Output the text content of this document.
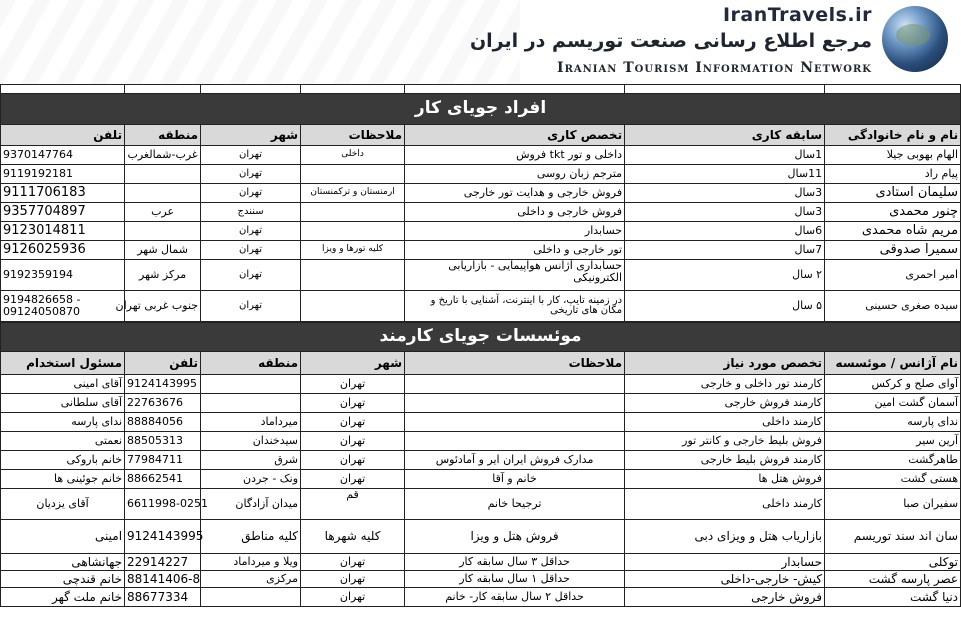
IranTravels.ir
مرجع اطلاع رسانی صنعت توریسم در ایران
Iranian Tourism Information Network

افراد جویای کار						
نام و نام خانوادگی	سابقه کاری	تخصص کاری	ملاحظات	شهر	منطقه	تلفن
الهام بهوبی جیلا	1سال	داخلی و تور tkt فروش	داخلی	تهران	غرب-شمالغرب	9370147764
پیام راد	11سال	مترجم زبان روسی		تهران		9119192181
سلیمان استادی	3سال	فروش خارجی و هدایت تور خارجی	ارمنستان و ترکمنستان	تهران		9111706183
چنور محمدی	3سال	فروش خارجی و داخلی		سنندج	عرب	9357704897
مریم شاه محمدی	6سال	حسابدار		تهران		9123014811
سمیرا صدوقی	7سال	تور خارجی و داخلی	کلیه تورها و ویزا	تهران	شمال شهر	9126025936
امیر احمری	۲ سال	حسابداری آژانس هواپیمایی - بازاریابی الکترونیکی		تهران	مرکز شهر	9192359194
سیده صغری حسینی	۵ سال	در زمینه تایپ، کار با اینترنت، آشنایی با تاریخ و مکان های تاریخی		تهران	جنوب غربی تهران	9194826658 - 09124050870
موئسسات جویای کارمند						
نام آژانس / موئسسه	تخصص مورد نیاز	ملاحظات	شهر	منطقه	تلفن	مسئول استخدام
آوای صلح و کرکس	کارمند تور داخلی و خارجی		تهران		9124143995	آقای امینی
آسمان گشت امین	کارمند فروش خارجی		تهران		22763676	آقای سلطانی
ندای پارسه	کارمند داخلی		تهران	میرداماد	88884056	ندای پارسه
آرین سیر	فروش بلیط خارجی و کانتر تور		تهران	سیدخندان	88505313	نعمتی
طاهرگشت	کارمند فروش بلیط خارجی	مدارک فروش ایران ایر و آمادئوس	تهران	شرق	77984711	خانم باروکی
هستی گشت	فروش هتل ها	خانم و آقا	تهران	ونک - جردن	88662541	خانم جوئینی ها
سفیران صبا	کارمند داخلی	ترجیحا خانم	قم	میدان آزادگان	6611998-0251	آقای یزدیان
سان اند سند توریسم	بازاریاب هتل و ویزای دبی	فروش هتل و ویزا	کلیه شهرها	کلیه مناطق	9124143995	امینی
توکلی	حسابدار	حداقل ۳ سال سابقه کار	تهران	ویلا و میرداماد	22914227	جهانشاهی
عصر پارسه گشت	کیش- خارجی-داخلی	حداقل ۱ سال سابقه کار	تهران	مرکزی	88141406-8	خانم قندچی
دنیا گشت	فروش خارجی	حداقل ۲ سال سابقه کار- خانم	تهران		88677334	خانم ملت گهر
